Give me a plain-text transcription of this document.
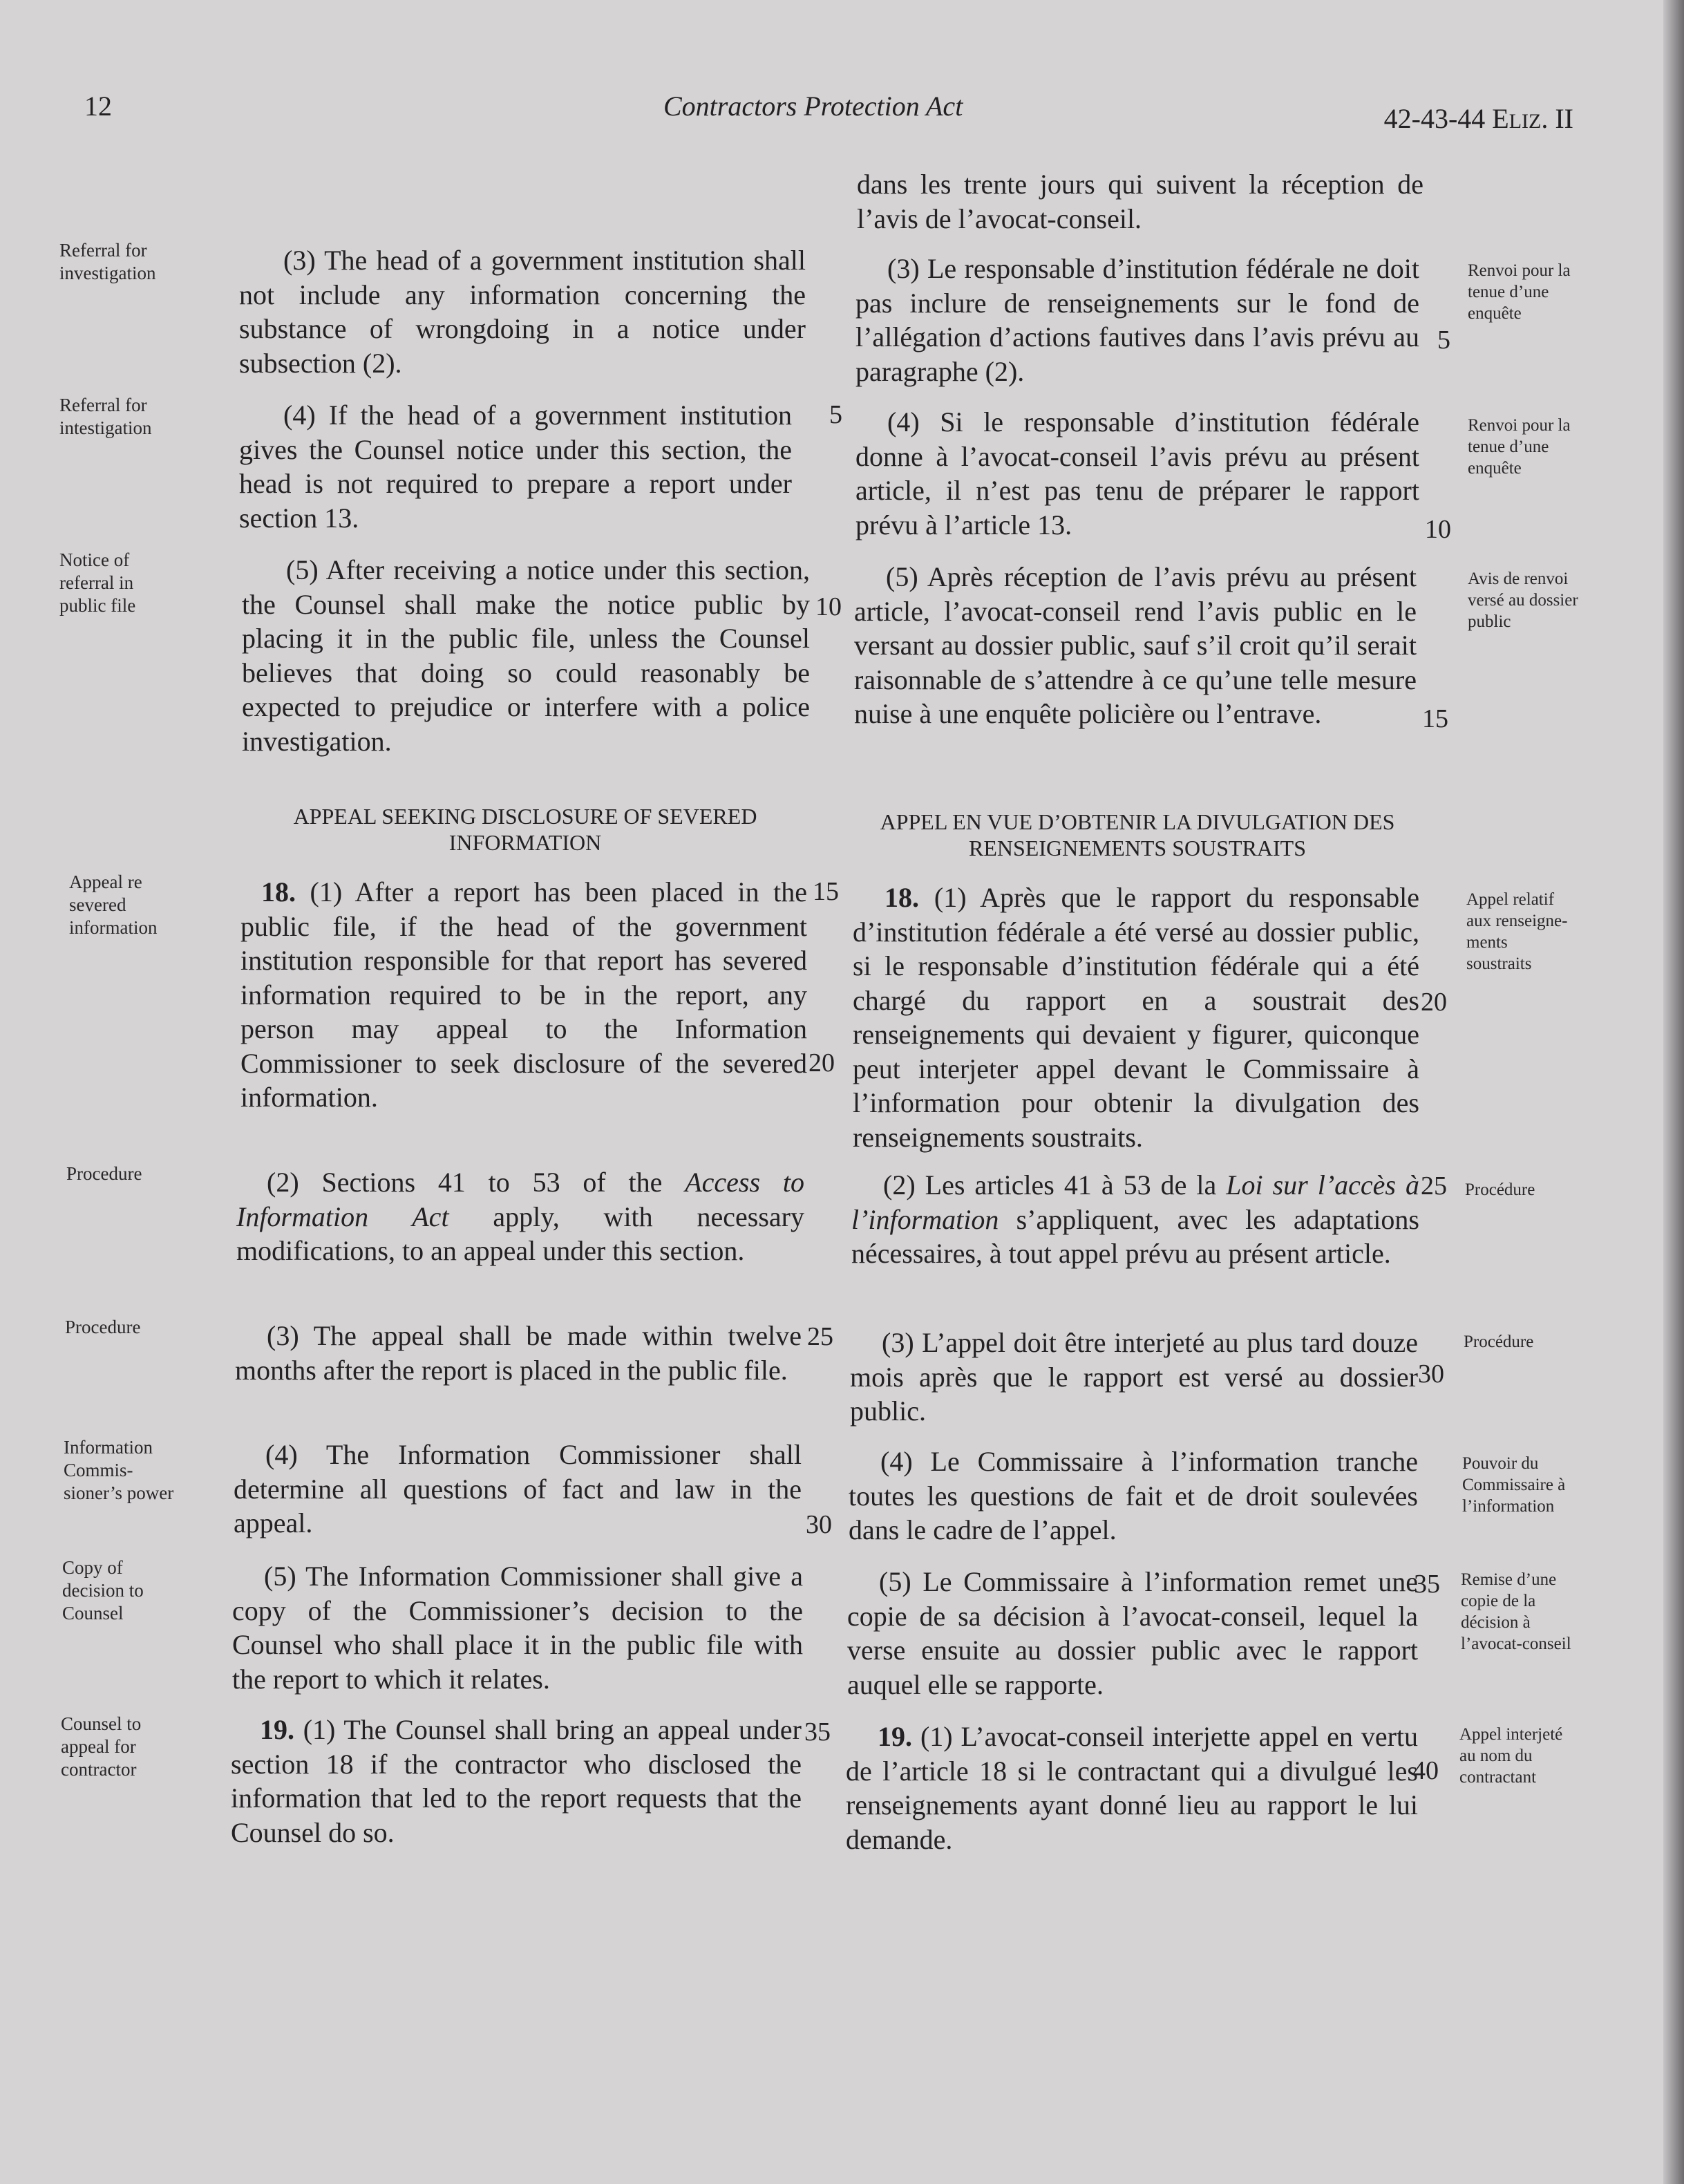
12	Contractors Protection Act	42-43-44 ELIZ. II
Referral for investigation
Referral for intestigation
Notice of referral in public file
Appeal re severed information
Procedure
Procedure
Information Commis-sioner’s power
Copy of decision to Counsel
Counsel to appeal for contractor
Renvoi pour la tenue d’une enquête
Renvoi pour la tenue d’une enquête
Avis de renvoi versé au dossier public
Appel relatif aux renseigne-ments soustraits
Procédure
Procédure
Pouvoir du Commissaire à l’information
Remise d’une copie de la décision à l’avocat-conseil
Appel interjeté au nom du contractant
(3) The head of a government institution shall not include any information concerning the substance of wrongdoing in a notice under subsection (2).
(4) If the head of a government institution gives the Counsel notice under this section, the head is not required to prepare a report under section 13.
(5) After receiving a notice under this section, the Counsel shall make the notice public by placing it in the public file, unless the Counsel believes that doing so could reasonably be expected to prejudice or interfere with a police investigation.
APPEAL SEEKING DISCLOSURE OF SEVERED INFORMATION
18. (1) After a report has been placed in the public file, if the head of the government institution responsible for that report has severed information required to be in the report, any person may appeal to the Information Commissioner to seek disclosure of the severed information.
(2) Sections 41 to 53 of the Access to Information Act apply, with necessary modifications, to an appeal under this section.
(3) The appeal shall be made within twelve months after the report is placed in the public file.
(4) The Information Commissioner shall determine all questions of fact and law in the appeal.
(5) The Information Commissioner shall give a copy of the Commissioner’s decision to the Counsel who shall place it in the public file with the report to which it relates.
19. (1) The Counsel shall bring an appeal under section 18 if the contractor who disclosed the information that led to the report requests that the Counsel do so.
5
10
15
20
25
30
35
dans les trente jours qui suivent la réception de l’avis de l’avocat-conseil.
(3) Le responsable d’institution fédérale ne doit pas inclure de renseignements sur le fond de l’allégation d’actions fautives dans l’avis prévu au paragraphe (2).
(4) Si le responsable d’institution fédérale donne à l’avocat-conseil l’avis prévu au présent article, il n’est pas tenu de préparer le rapport prévu à l’article 13.
(5) Après réception de l’avis prévu au présent article, l’avocat-conseil rend l’avis public en le versant au dossier public, sauf s’il croit qu’il serait raisonnable de s’attendre à ce qu’une telle mesure nuise à une enquête policière ou l’entrave.
APPEL EN VUE D’OBTENIR LA DIVULGATION DES RENSEIGNEMENTS SOUSTRAITS
18. (1) Après que le rapport du responsable d’institution fédérale a été versé au dossier public, si le responsable d’institution fédérale qui a été chargé du rapport en a soustrait des renseignements qui devaient y figurer, quiconque peut interjeter appel devant le Commissaire à l’information pour obtenir la divulgation des renseignements soustraits.
(2) Les articles 41 à 53 de la Loi sur l’accès à l’information s’appliquent, avec les adaptations nécessaires, à tout appel prévu au présent article.
(3) L’appel doit être interjeté au plus tard douze mois après que le rapport est versé au dossier public.
(4) Le Commissaire à l’information tranche toutes les questions de fait et de droit soulevées dans le cadre de l’appel.
(5) Le Commissaire à l’information remet une copie de sa décision à l’avocat-conseil, lequel la verse ensuite au dossier public avec le rapport auquel elle se rapporte.
19. (1) L’avocat-conseil interjette appel en vertu de l’article 18 si le contractant qui a divulgué les renseignements ayant donné lieu au rapport le lui demande.
5
10
15
20
25
30
35
40
